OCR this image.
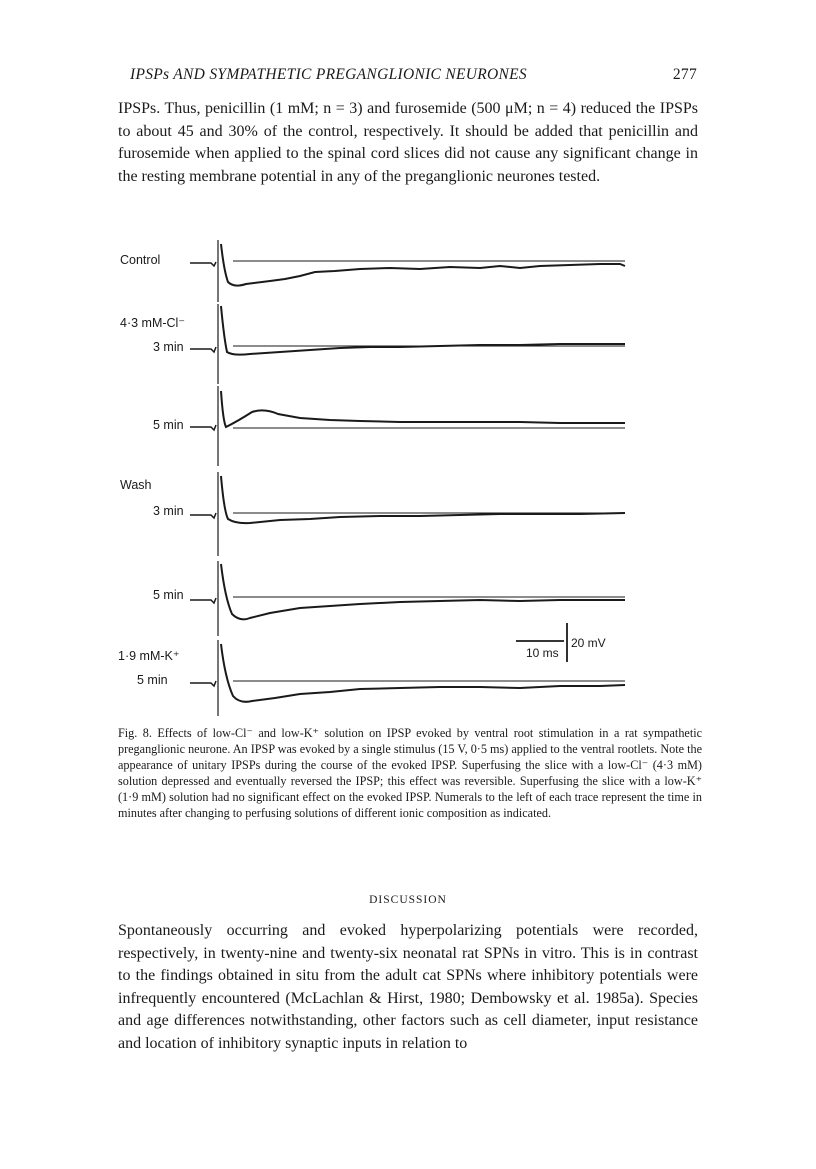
IPSPs AND SYMPATHETIC PREGANGLIONIC NEURONES	277

IPSPs. Thus, penicillin (1 mM; n = 3) and furosemide (500 μM; n = 4) reduced the IPSPs to about 45 and 30% of the control, respectively. It should be added that penicillin and furosemide when applied to the spinal cord slices did not cause any significant change in the resting membrane potential in any of the preganglionic neurones tested.

Control
4·3 mM-Cl⁻
3 min
5 min
Wash
3 min
5 min
1·9 mM-K⁺
5 min
10 ms
20 mV

Fig. 8. Effects of low-Cl⁻ and low-K⁺ solution on IPSP evoked by ventral root stimulation in a rat sympathetic preganglionic neurone. An IPSP was evoked by a single stimulus (15 V, 0·5 ms) applied to the ventral rootlets. Note the appearance of unitary IPSPs during the course of the evoked IPSP. Superfusing the slice with a low-Cl⁻ (4·3 mM) solution depressed and eventually reversed the IPSP; this effect was reversible. Superfusing the slice with a low-K⁺ (1·9 mM) solution had no significant effect on the evoked IPSP. Numerals to the left of each trace represent the time in minutes after changing to perfusing solutions of different ionic composition as indicated.

DISCUSSION

Spontaneously occurring and evoked hyperpolarizing potentials were recorded, respectively, in twenty-nine and twenty-six neonatal rat SPNs in vitro. This is in contrast to the findings obtained in situ from the adult cat SPNs where inhibitory potentials were infrequently encountered (McLachlan & Hirst, 1980; Dembowsky et al. 1985a). Species and age differences notwithstanding, other factors such as cell diameter, input resistance and location of inhibitory synaptic inputs in relation to
